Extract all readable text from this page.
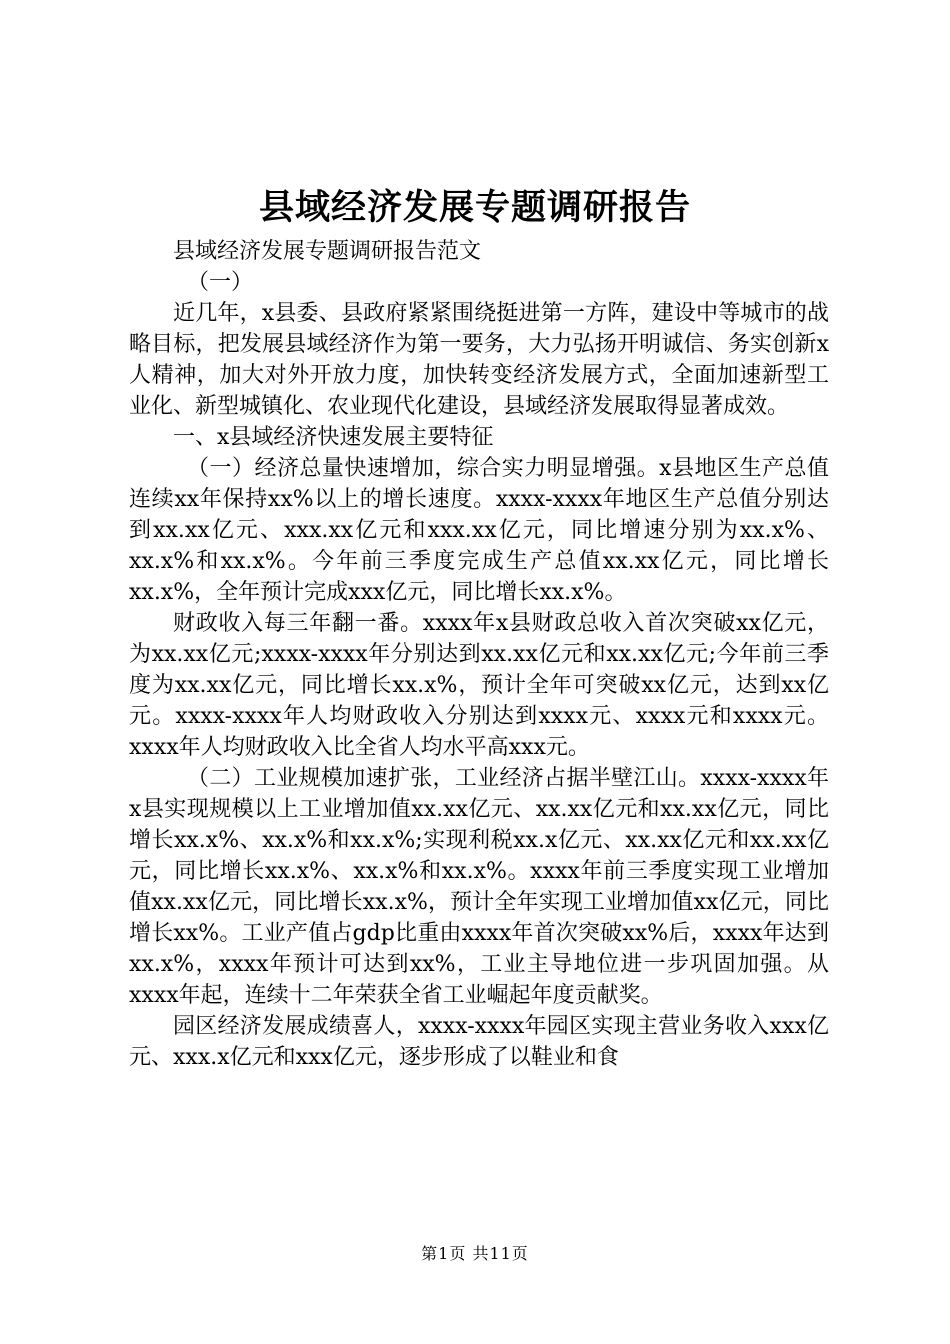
县域经济发展专题调研报告

县域经济发展专题调研报告范文

（一）

近几年，x县委、县政府紧紧围绕挺进第一方阵，建设中等城市的战略目标，把发展县域经济作为第一要务，大力弘扬开明诚信、务实创新x人精神，加大对外开放力度，加快转变经济发展方式，全面加速新型工业化、新型城镇化、农业现代化建设，县域经济发展取得显著成效。

一、x县域经济快速发展主要特征

（一）经济总量快速增加，综合实力明显增强。x县地区生产总值连续xx年保持xx%以上的增长速度。xxxx-xxxx年地区生产总值分别达到xx.xx亿元、xxx.xx亿元和xxx.xx亿元，同比增速分别为xx.x%、xx.x%和xx.x%。今年前三季度完成生产总值xx.xx亿元，同比增长xx.x%，全年预计完成xxx亿元，同比增长xx.x%。

财政收入每三年翻一番。xxxx年x县财政总收入首次突破xx亿元，为xx.xx亿元;xxxx-xxxx年分别达到xx.xx亿元和xx.xx亿元;今年前三季度为xx.xx亿元，同比增长xx.x%，预计全年可突破xx亿元，达到xx亿元。xxxx-xxxx年人均财政收入分别达到xxxx元、xxxx元和xxxx元。xxxx年人均财政收入比全省人均水平高xxx元。

（二）工业规模加速扩张，工业经济占据半壁江山。xxxx-xxxx年x县实现规模以上工业增加值xx.xx亿元、xx.xx亿元和xx.xx亿元，同比增长xx.x%、xx.x%和xx.x%;实现利税xx.x亿元、xx.xx亿元和xx.xx亿元，同比增长xx.x%、xx.x%和xx.x%。xxxx年前三季度实现工业增加值xx.xx亿元，同比增长xx.x%，预计全年实现工业增加值xx亿元，同比增长xx%。工业产值占gdp比重由xxxx年首次突破xx%后，xxxx年达到xx.x%，xxxx年预计可达到xx%，工业主导地位进一步巩固加强。从xxxx年起，连续十二年荣获全省工业崛起年度贡献奖。

园区经济发展成绩喜人，xxxx-xxxx年园区实现主营业务收入xxx亿元、xxx.x亿元和xxx亿元，逐步形成了以鞋业和食

第1页 共11页
